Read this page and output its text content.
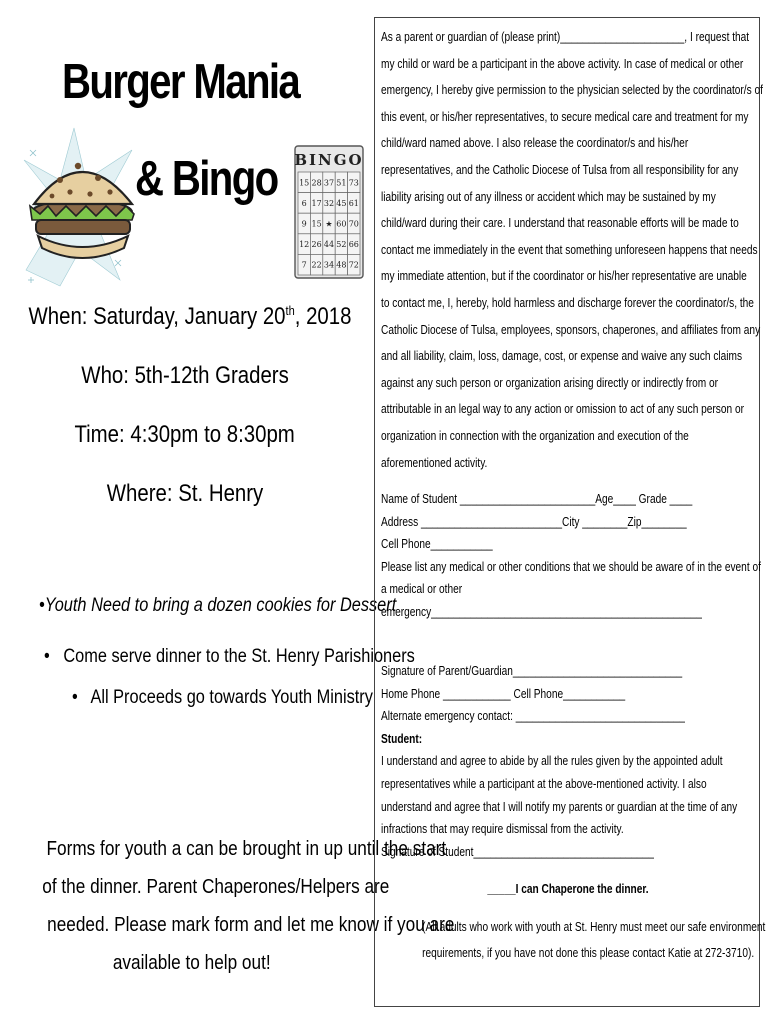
Burger Mania
& Bingo BINGO
15 28 37 51 73
6 17 32 45 61
9 15 ★ 60 70
12 26 44 52 66
7 22 34 48 72
When: Saturday, January 20th, 2018
Who: 5th-12th Graders
Time: 4:30pm to 8:30pm
Where: St. Henry
•Youth Need to bring a dozen cookies for Dessert
•   Come serve dinner to the St. Henry Parishioners
•   All Proceeds go towards Youth Ministry
Forms for youth a can be brought in up until the start
of the dinner. Parent Chaperones/Helpers are
needed. Please mark form and let me know if you are
available to help out!
As a parent or guardian of (please print)______________________, I request that
my child or ward be a participant in the above activity. In case of medical or other
emergency, I hereby give permission to the physician selected by the coordinator/s of
this event, or his/her representatives, to secure medical care and treatment for my
child/ward named above. I also release the coordinator/s and his/her
representatives, and the Catholic Diocese of Tulsa from all responsibility for any
liability arising out of any illness or accident which may be sustained by my
child/ward during their care. I understand that reasonable efforts will be made to
contact me immediately in the event that something unforeseen happens that needs
my immediate attention, but if the coordinator or his/her representative are unable
to contact me, I, hereby, hold harmless and discharge forever the coordinator/s, the
Catholic Diocese of Tulsa, employees, sponsors, chaperones, and affiliates from any
and all liability, claim, loss, damage, cost, or expense and waive any such claims
against any such person or organization arising directly or indirectly from or
attributable in an legal way to any action or omission to act of any such person or
organization in connection with the organization and execution of the
aforementioned activity.
Name of Student ________________________Age____ Grade ____
Address _________________________City ________Zip________
Cell Phone___________
Please list any medical or other conditions that we should be aware of in the event of
a medical or other
emergency________________________________________________
Signature of Parent/Guardian______________________________
Home Phone ____________ Cell Phone___________
Alternate emergency contact: ______________________________
Student:
I understand and agree to abide by all the rules given by the appointed adult
representatives while a participant at the above-mentioned activity. I also
understand and agree that I will notify my parents or guardian at the time of any
infractions that may require dismissal from the activity.
Signature of Student________________________________
_____I can Chaperone the dinner.
(All adults who work with youth at St. Henry must meet our safe environment
requirements, if you have not done this please contact Katie at 272-3710).
